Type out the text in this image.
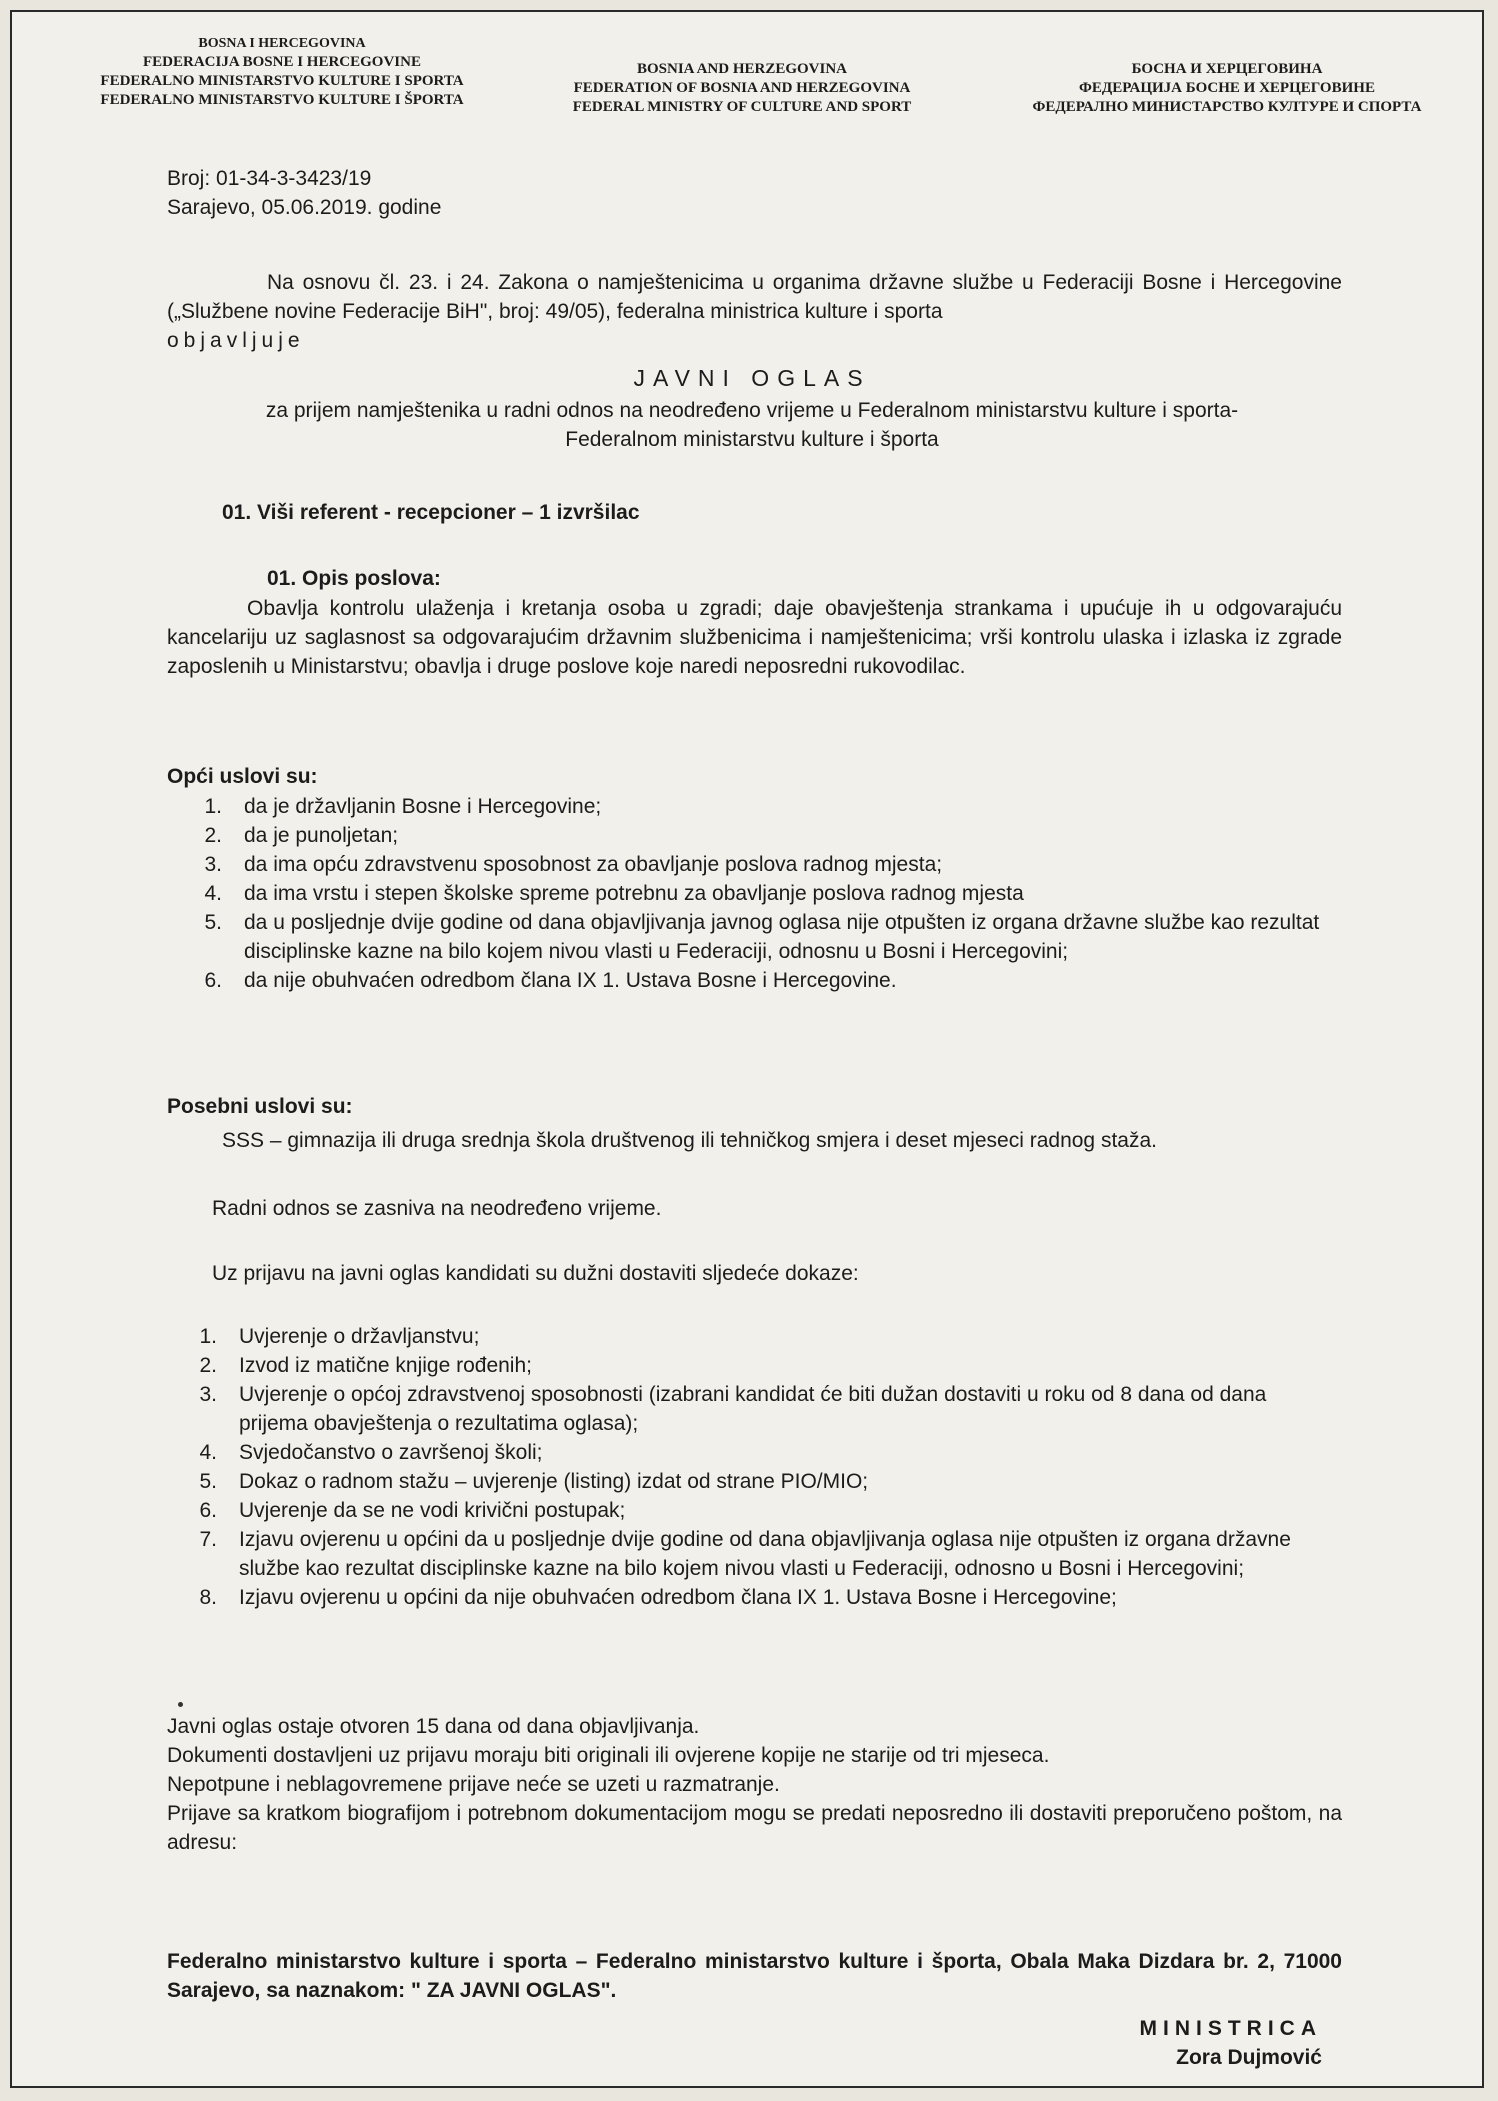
BOSNA I HERCEGOVINA
FEDERACIJA BOSNE I HERCEGOVINE
FEDERALNO MINISTARSTVO KULTURE I SPORTA
FEDERALNO MINISTARSTVO KULTURE I ŠPORTA
BOSNIA AND HERZEGOVINA
FEDERATION OF BOSNIA AND HERZEGOVINA
FEDERAL MINISTRY OF CULTURE AND SPORT
БОСНА И ХЕРЦЕГОВИНА
ФЕДЕРАЦИЈА БОСНЕ И ХЕРЦЕГОВИНЕ
ФЕДЕРАЛНО МИНИСТАРСТВО КУЛТУРЕ И СПОРТА
Broj: 01-34-3-3423/19
Sarajevo, 05.06.2019. godine
Na osnovu čl. 23. i 24. Zakona o namještenicima u organima državne službe u Federaciji Bosne i Hercegovine („Službene novine Federacije BiH", broj: 49/05), federalna ministrica kulture i sporta
objavljuje
JAVNI OGLAS
za prijem namještenika u radni odnos na neodređeno vrijeme u Federalnom ministarstvu kulture i sporta-
Federalnom ministarstvu kulture i športa
01. Viši referent - recepcioner – 1 izvršilac
01. Opis poslova:
Obavlja kontrolu ulaženja i kretanja osoba u zgradi; daje obavještenja strankama i upućuje ih u odgovarajuću kancelariju uz saglasnost sa odgovarajućim državnim službenicima i namještenicima; vrši kontrolu ulaska i izlaska iz zgrade zaposlenih u Ministarstvu; obavlja i druge poslove koje naredi neposredni rukovodilac.
Opći uslovi su:
1. da je državljanin Bosne i Hercegovine;
2. da je punoljetan;
3. da ima opću zdravstvenu sposobnost za obavljanje poslova radnog mjesta;
4. da ima vrstu i stepen školske spreme potrebnu za obavljanje poslova radnog mjesta
5. da u posljednje dvije godine od dana objavljivanja javnog oglasa nije otpušten iz organa državne službe kao rezultat disciplinske kazne na bilo kojem nivou vlasti u Federaciji, odnosnu u Bosni i Hercegovini;
6. da nije obuhvaćen odredbom člana IX 1. Ustava Bosne i Hercegovine.
Posebni uslovi su:
SSS – gimnazija ili druga srednja škola društvenog ili tehničkog smjera i deset mjeseci radnog staža.
Radni odnos se zasniva na neodređeno vrijeme.
Uz prijavu na javni oglas kandidati su dužni dostaviti sljedeće dokaze:
1. Uvjerenje o državljanstvu;
2. Izvod iz matične knjige rođenih;
3. Uvjerenje o općoj zdravstvenoj sposobnosti (izabrani kandidat će biti dužan dostaviti u roku od 8 dana od dana prijema obavještenja o rezultatima oglasa);
4. Svjedočanstvo o završenoj školi;
5. Dokaz o radnom stažu – uvjerenje (listing) izdat od strane PIO/MIO;
6. Uvjerenje da se ne vodi krivični postupak;
7. Izjavu ovjerenu u općini da u posljednje dvije godine od dana objavljivanja oglasa nije otpušten iz organa državne službe kao rezultat disciplinske kazne na bilo kojem nivou vlasti u Federaciji, odnosno u Bosni i Hercegovini;
8. Izjavu ovjerenu u općini da nije obuhvaćen odredbom člana IX 1. Ustava Bosne i Hercegovine;

Javni oglas ostaje otvoren 15 dana od dana objavljivanja.

Dokumenti dostavljeni uz prijavu moraju biti originali ili ovjerene kopije ne starije od tri mjeseca.

Nepotpune i neblagovremene prijave neće se uzeti u razmatranje.

Prijave sa kratkom biografijom i potrebnom dokumentacijom mogu se predati neposredno ili dostaviti preporučeno poštom, na adresu:

Federalno ministarstvo kulture i sporta – Federalno ministarstvo kulture i športa, Obala Maka Dizdara br. 2, 71000 Sarajevo, sa naznakom: " ZA JAVNI OGLAS".
MINISTRICA
Zora Dujmović
